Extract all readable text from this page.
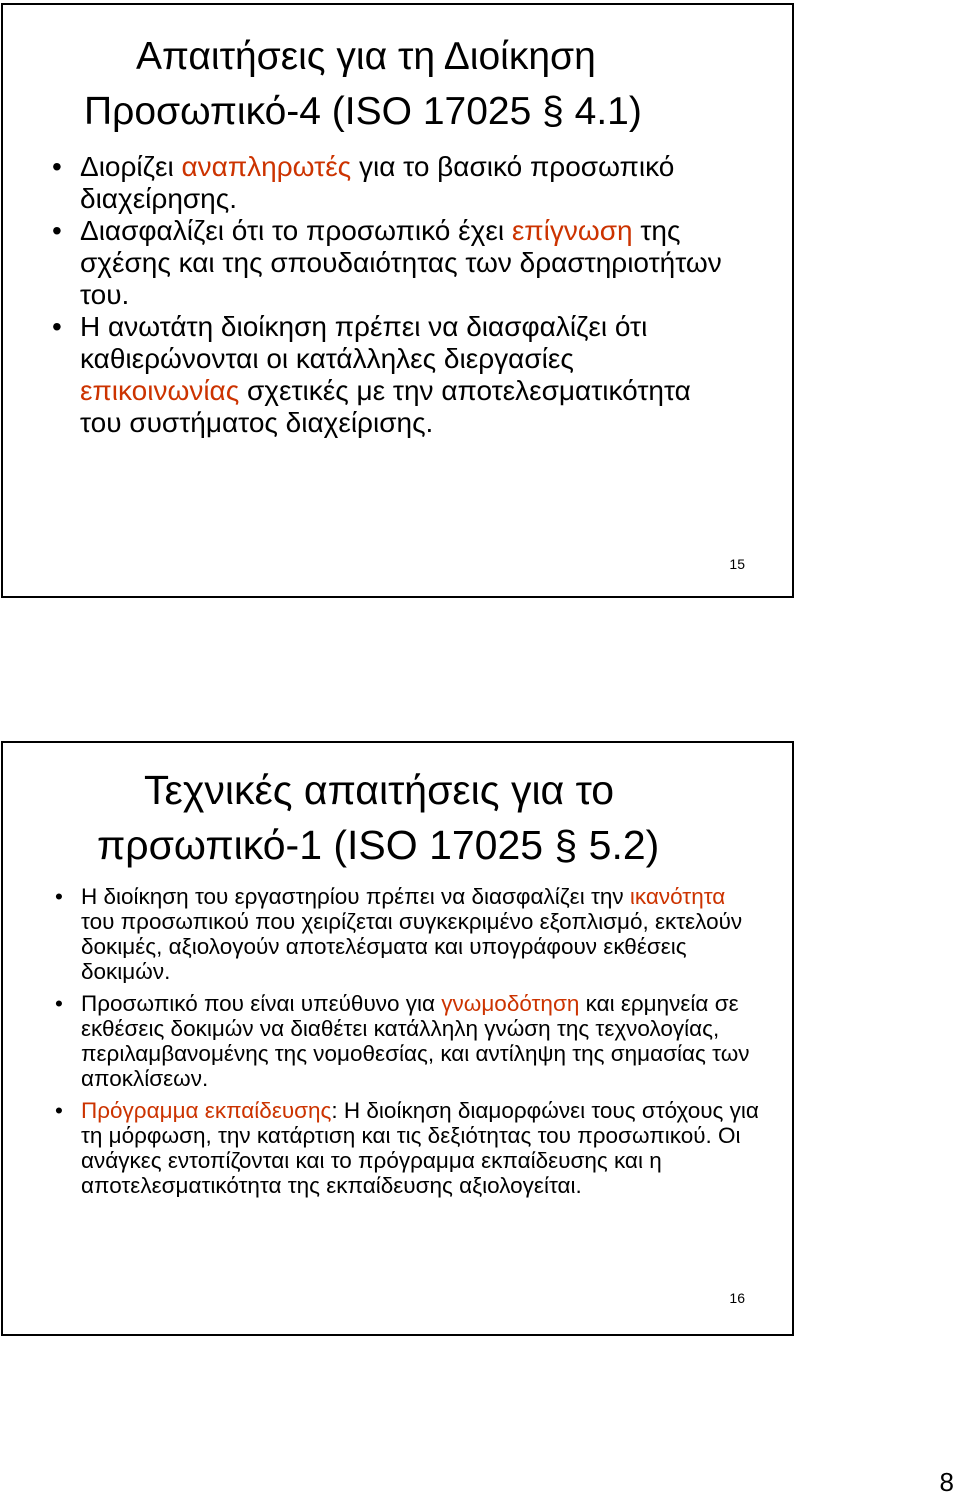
Απαιτήσεις για τη Διοίκηση
Προσωπικό-4 (ISO 17025 § 4.1)
• Διορίζει αναπληρωτές για το βασικό προσωπικό διαχείρησης.
• Διασφαλίζει ότι το προσωπικό έχει επίγνωση της σχέσης και της σπουδαιότητας των δραστηριοτήτων του.
• Η ανωτάτη διοίκηση πρέπει να διασφαλίζει ότι καθιερώνονται οι κατάλληλες διεργασίες επικοινωνίας σχετικές με την αποτελεσματικότητα του συστήματος διαχείρισης.
15
Τεχνικές απαιτήσεις για το
πρσωπικό-1 (ISO 17025 § 5.2)
• Η διοίκηση του εργαστηρίου πρέπει να διασφαλίζει την ικανότητα του προσωπικού που χειρίζεται συγκεκριμένο εξοπλισμό, εκτελούν δοκιμές, αξιολογούν αποτελέσματα και υπογράφουν εκθέσεις δοκιμών.
• Προσωπικό που είναι υπεύθυνο για γνωμοδότηση και ερμηνεία σε εκθέσεις δοκιμών να διαθέτει κατάλληλη γνώση της τεχνολογίας, περιλαμβανομένης της νομοθεσίας, και αντίληψη της σημασίας των αποκλίσεων.
• Πρόγραμμα εκπαίδευσης: Η διοίκηση διαμορφώνει τους στόχους για τη μόρφωση, την κατάρτιση και τις δεξιότητας του προσωπικού. Οι ανάγκες εντοπίζονται και το πρόγραμμα εκπαίδευσης και η αποτελεσματικότητα της εκπαίδευσης αξιολογείται.
16
8
